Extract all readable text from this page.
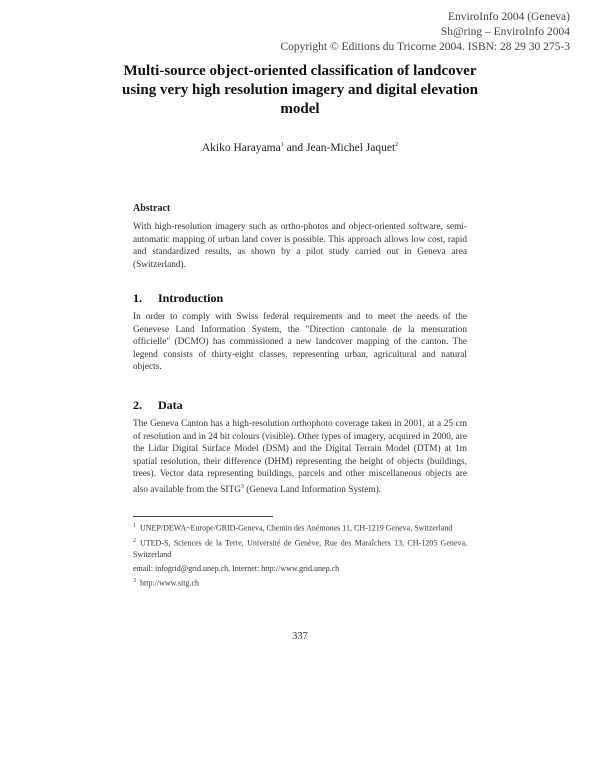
EnviroInfo 2004 (Geneva)
Sh@ring – EnviroInfo 2004
Copyright © Editions du Tricorne 2004. ISBN: 28 29 30 275-3
Multi-source object-oriented classification of landcover using very high resolution imagery and digital elevation model
Akiko Harayama$^1$ and Jean-Michel Jaquet$^2$
Abstract
With high-resolution imagery such as ortho-photos and object-oriented software, semi-automatic mapping of urban land cover is possible. This approach allows low cost, rapid and standardized results, as shown by a pilot study carried out in Geneva area (Switzerland).
1. Introduction
In order to comply with Swiss federal requirements and to meet the needs of the Genevese Land Information System, the "Direction cantonale de la mensuration officielle" (DCMO) has commissioned a new landcover mapping of the canton. The legend consists of thirty-eight classes, representing urban, agricultural and natural objects.
2. Data
The Geneva Canton has a high-resolution orthophoto coverage taken in 2001, at a 25 cm of resolution and in 24 bit colours (visible). Other types of imagery, acquired in 2000, are the Lidar Digital Surface Model (DSM) and the Digital Terrain Model (DTM) at 1m spatial resolution, their difference (DHM) representing the height of objects (buildings, trees). Vector data representing buildings, parcels and other miscellaneous objects are also available from the SITG$^3$ (Geneva Land Information System).
$^1$ UNEP/DEWA~Europe/GRID-Geneva, Chemin des Anémones 11, CH-1219 Geneva, Switzerland
$^2$ UTED-S, Sciences de la Terre, Université de Genève, Rue des Maraîchers 13, CH-1205 Geneva, Switzerland
email: infogrid@grid.unep.ch, Internet: http://www.grid.unep.ch
$^3$ http://www.sitg.ch
337
